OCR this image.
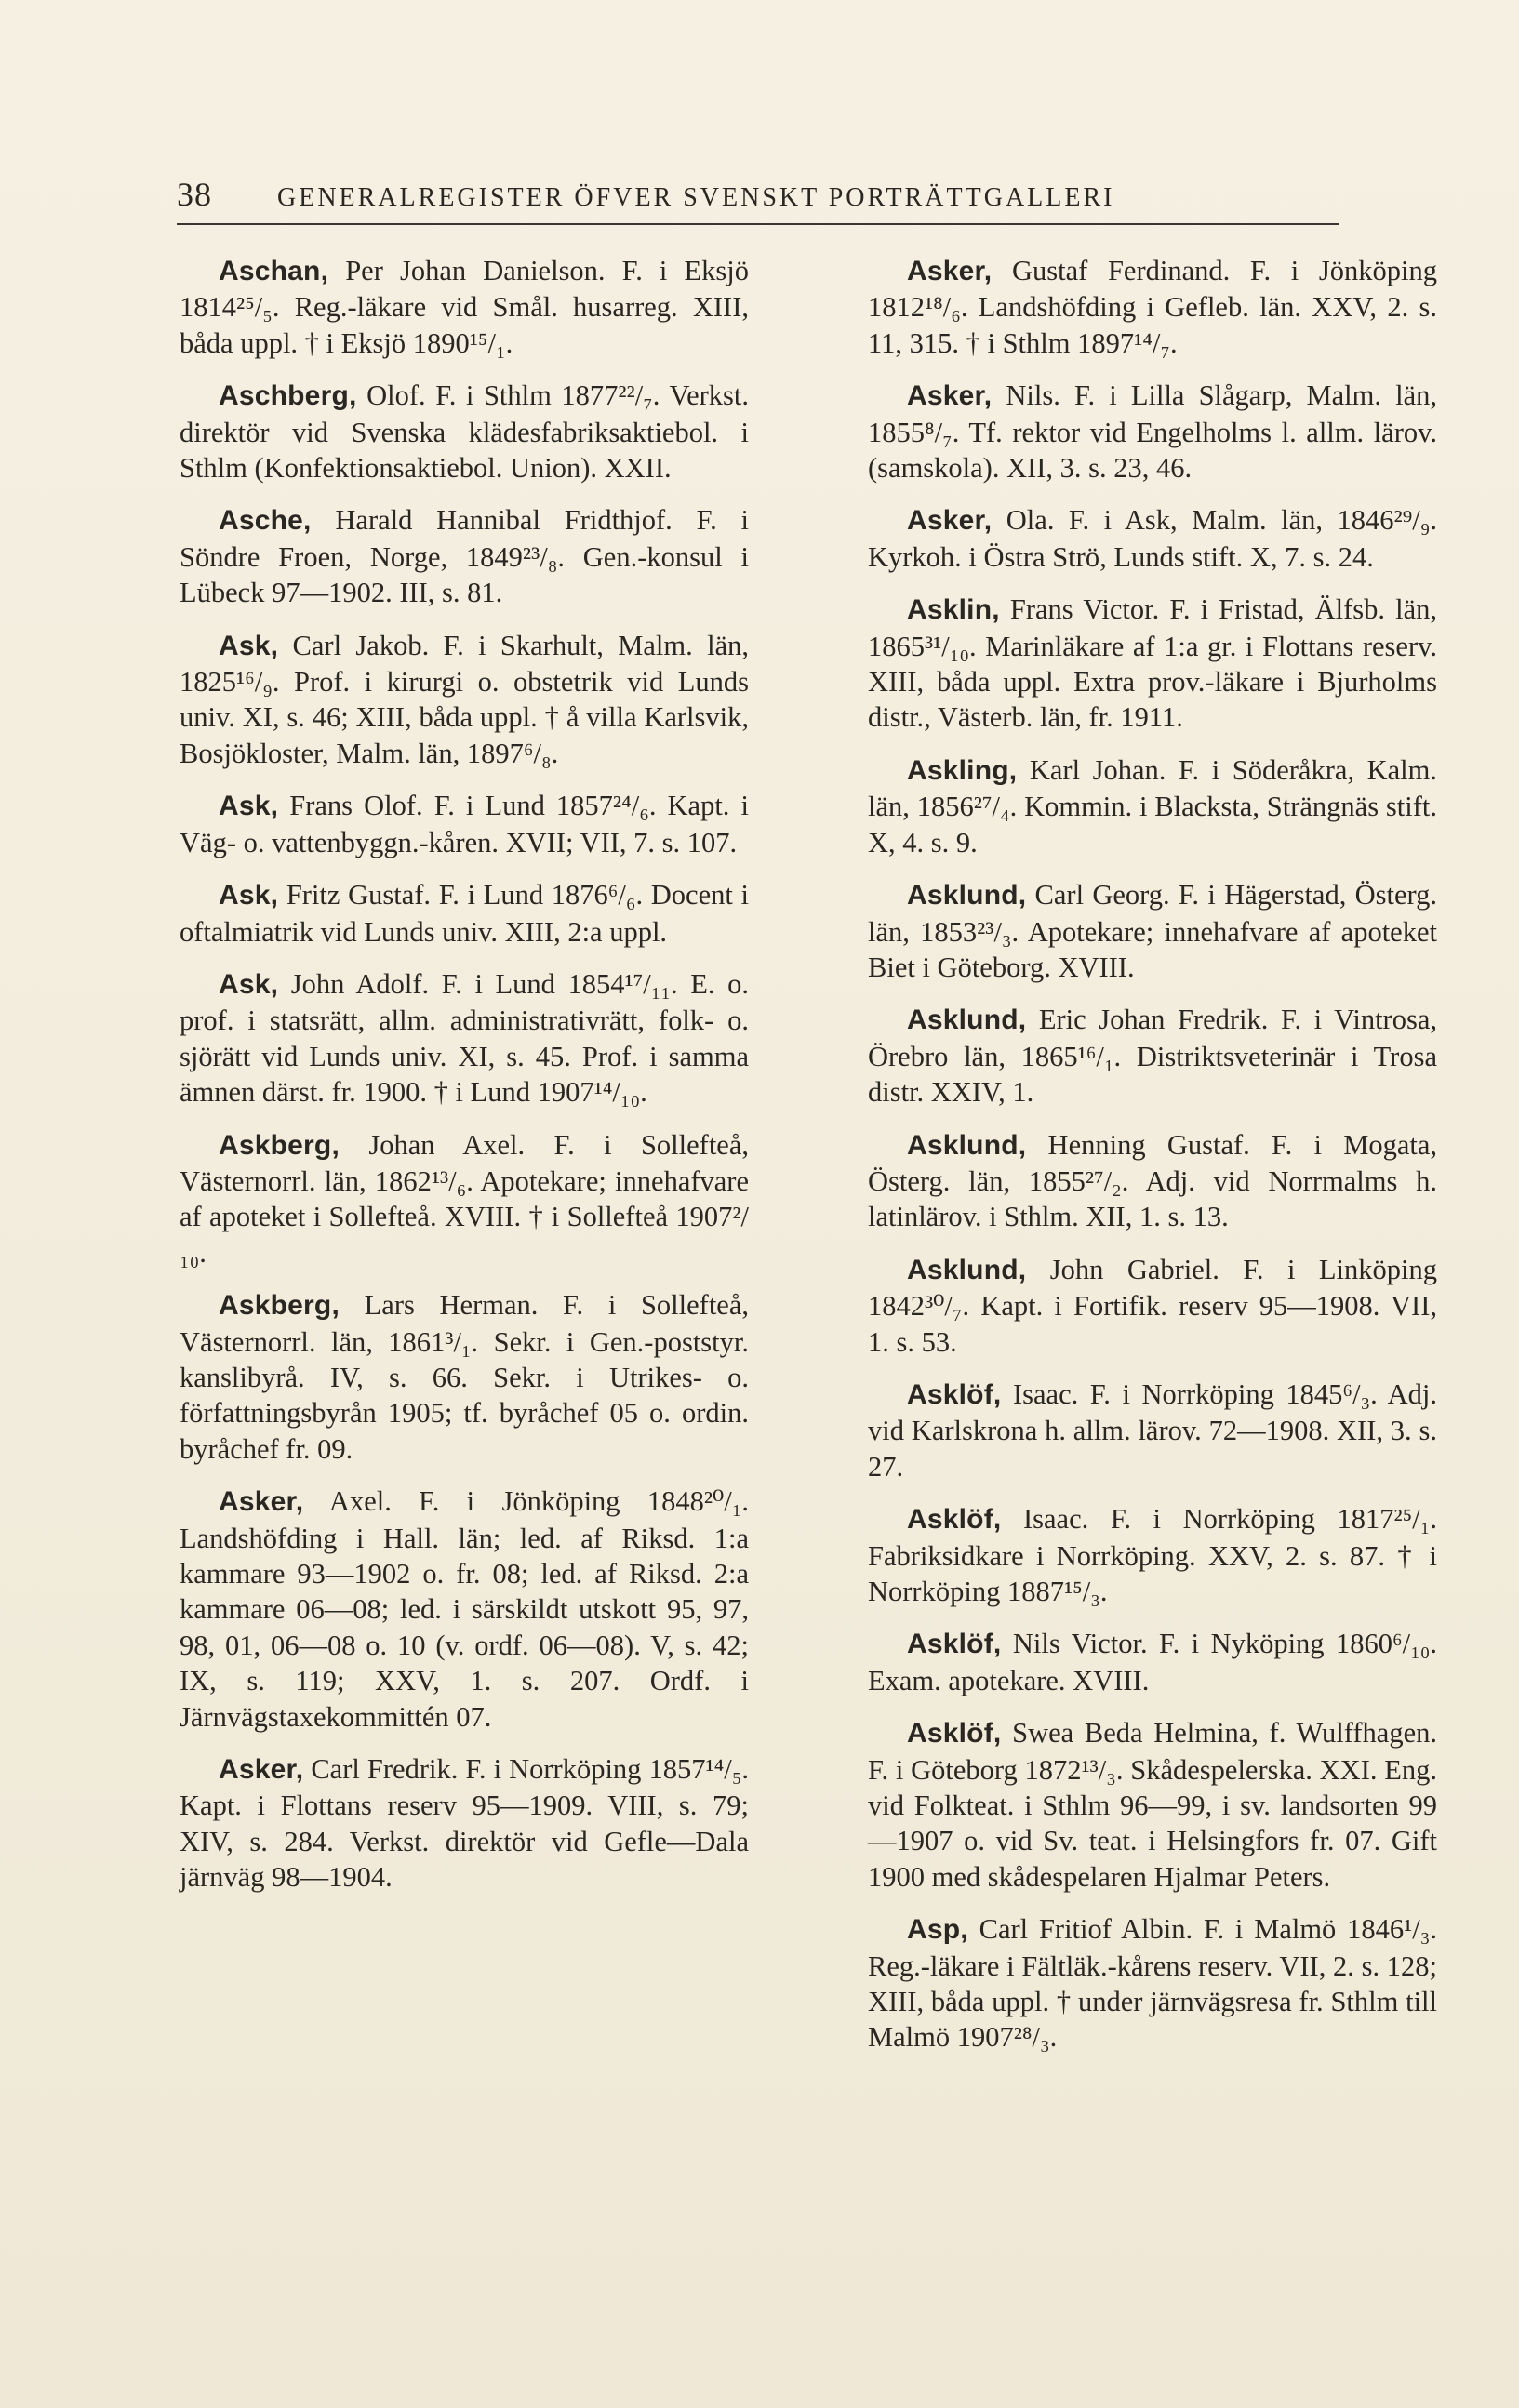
38	GENERALREGISTER ÖFVER SVENSKT PORTRÄTTGALLERI

Aschan, Per Johan Danielson. F. i Eksjö 1814²⁵/₅. Reg.-läkare vid Smål. husarreg. XIII, båda uppl. † i Eksjö 1890¹⁵/₁.

Aschberg, Olof. F. i Sthlm 1877²²/₇. Verkst. direktör vid Svenska klädesfabriksaktiebol. i Sthlm (Konfektionsaktiebol. Union). XXII.

Asche, Harald Hannibal Fridthjof. F. i Söndre Froen, Norge, 1849²³/₈. Gen.-konsul i Lübeck 97—1902. III, s. 81.

Ask, Carl Jakob. F. i Skarhult, Malm. län, 1825¹⁶/₉. Prof. i kirurgi o. obstetrik vid Lunds univ. XI, s. 46; XIII, båda uppl. † å villa Karlsvik, Bosjökloster, Malm. län, 1897⁶/₈.

Ask, Frans Olof. F. i Lund 1857²⁴/₆. Kapt. i Väg- o. vattenbyggn.-kåren. XVII; VII, 7. s. 107.

Ask, Fritz Gustaf. F. i Lund 1876⁶/₆. Docent i oftalmiatrik vid Lunds univ. XIII, 2:a uppl.

Ask, John Adolf. F. i Lund 1854¹⁷/₁₁. E. o. prof. i statsrätt, allm. administrativrätt, folk- o. sjörätt vid Lunds univ. XI, s. 45. Prof. i samma ämnen därst. fr. 1900. † i Lund 1907¹⁴/₁₀.

Askberg, Johan Axel. F. i Sollefteå, Västernorrl. län, 1862¹³/₆. Apotekare; innehafvare af apoteket i Sollefteå. XVIII. † i Sollefteå 1907²/₁₀.

Askberg, Lars Herman. F. i Sollefteå, Västernorrl. län, 1861³/₁. Sekr. i Gen.-poststyr. kanslibyrå. IV, s. 66. Sekr. i Utrikes- o. författningsbyrån 1905; tf. byråchef 05 o. ordin. byråchef fr. 09.

Asker, Axel. F. i Jönköping 1848²⁰/₁. Landshöfding i Hall. län; led. af Riksd. 1:a kammare 93—1902 o. fr. 08; led. af Riksd. 2:a kammare 06—08; led. i särskildt utskott 95, 97, 98, 01, 06—08 o. 10 (v. ordf. 06—08). V, s. 42; IX, s. 119; XXV, 1. s. 207. Ordf. i Järnvägstaxekommittén 07.

Asker, Carl Fredrik. F. i Norrköping 1857¹⁴/₅. Kapt. i Flottans reserv 95—1909. VIII, s. 79; XIV, s. 284. Verkst. direktör vid Gefle—Dala järnväg 98—1904.

Asker, Gustaf Ferdinand. F. i Jönköping 1812¹⁸/₆. Landshöfding i Gefleb. län. XXV, 2. s. 11, 315. † i Sthlm 1897¹⁴/₇.

Asker, Nils. F. i Lilla Slågarp, Malm. län, 1855⁸/₇. Tf. rektor vid Engelholms l. allm. lärov. (samskola). XII, 3. s. 23, 46.

Asker, Ola. F. i Ask, Malm. län, 1846²⁹/₉. Kyrkoh. i Östra Strö, Lunds stift. X, 7. s. 24.

Asklin, Frans Victor. F. i Fristad, Älfsb. län, 1865³¹/₁₀. Marinläkare af 1:a gr. i Flottans reserv. XIII, båda uppl. Extra prov.-läkare i Bjurholms distr., Västerb. län, fr. 1911.

Askling, Karl Johan. F. i Söderåkra, Kalm. län, 1856²⁷/₄. Kommin. i Blacksta, Strängnäs stift. X, 4. s. 9.

Asklund, Carl Georg. F. i Hägerstad, Österg. län, 1853²³/₃. Apotekare; innehafvare af apoteket Biet i Göteborg. XVIII.

Asklund, Eric Johan Fredrik. F. i Vintrosa, Örebro län, 1865¹⁶/₁. Distriktsveterinär i Trosa distr. XXIV, 1.

Asklund, Henning Gustaf. F. i Mogata, Österg. län, 1855²⁷/₂. Adj. vid Norrmalms h. latinlärov. i Sthlm. XII, 1. s. 13.

Asklund, John Gabriel. F. i Linköping 1842³⁰/₇. Kapt. i Fortifik. reserv 95—1908. VII, 1. s. 53.

Asklöf, Isaac. F. i Norrköping 1845⁶/₃. Adj. vid Karlskrona h. allm. lärov. 72—1908. XII, 3. s. 27.

Asklöf, Isaac. F. i Norrköping 1817²⁵/₁. Fabriksidkare i Norrköping. XXV, 2. s. 87. † i Norrköping 1887¹⁵/₃.

Asklöf, Nils Victor. F. i Nyköping 1860⁶/₁₀. Exam. apotekare. XVIII.

Asklöf, Swea Beda Helmina, f. Wulffhagen. F. i Göteborg 1872¹³/₃. Skådespelerska. XXI. Eng. vid Folkteat. i Sthlm 96—99, i sv. landsorten 99—1907 o. vid Sv. teat. i Helsingfors fr. 07. Gift 1900 med skådespelaren Hjalmar Peters.

Asp, Carl Fritiof Albin. F. i Malmö 1846¹/₃. Reg.-läkare i Fältläk.-kårens reserv. VII, 2. s. 128; XIII, båda uppl. † under järnvägsresa fr. Sthlm till Malmö 1907²⁸/₃.
